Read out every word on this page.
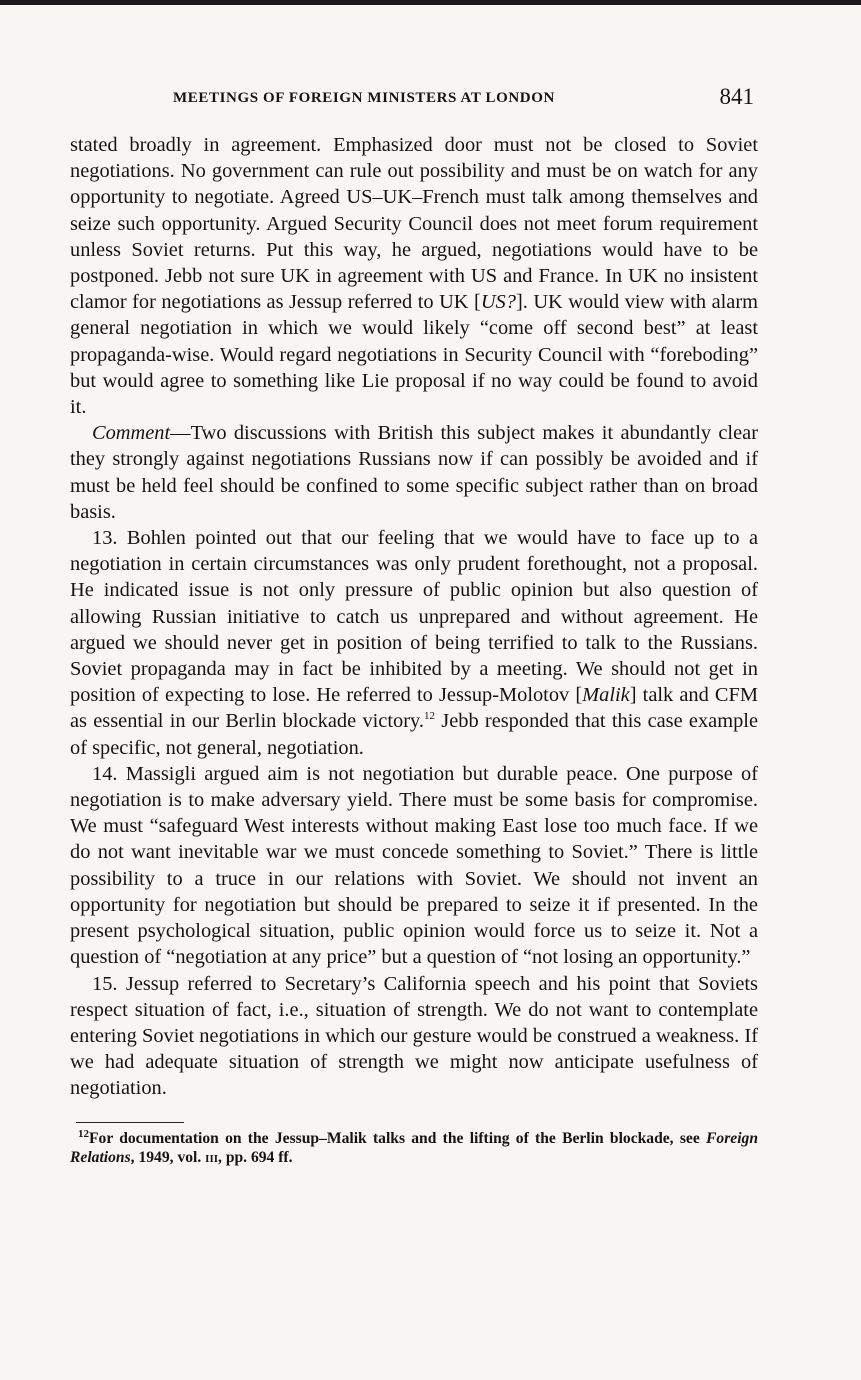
MEETINGS OF FOREIGN MINISTERS AT LONDON	841

stated broadly in agreement. Emphasized door must not be closed to Soviet negotiations. No government can rule out possibility and must be on watch for any opportunity to negotiate. Agreed US–UK–French must talk among themselves and seize such opportunity. Argued Security Council does not meet forum requirement unless Soviet returns. Put this way, he argued, negotiations would have to be postponed. Jebb not sure UK in agreement with US and France. In UK no insistent clamor for negotiations as Jessup referred to UK [US?]. UK would view with alarm general negotiation in which we would likely “come off second best” at least propaganda-wise. Would regard negotiations in Security Council with “foreboding” but would agree to something like Lie proposal if no way could be found to avoid it.

Comment—Two discussions with British this subject makes it abundantly clear they strongly against negotiations Russians now if can possibly be avoided and if must be held feel should be confined to some specific subject rather than on broad basis.

13. Bohlen pointed out that our feeling that we would have to face up to a negotiation in certain circumstances was only prudent forethought, not a proposal. He indicated issue is not only pressure of public opinion but also question of allowing Russian initiative to catch us unprepared and without agreement. He argued we should never get in position of being terrified to talk to the Russians. Soviet propaganda may in fact be inhibited by a meeting. We should not get in position of expecting to lose. He referred to Jessup-Molotov [Malik] talk and CFM as essential in our Berlin blockade victory.$^{12}$ Jebb responded that this case example of specific, not general, negotiation.

14. Massigli argued aim is not negotiation but durable peace. One purpose of negotiation is to make adversary yield. There must be some basis for compromise. We must “safeguard West interests without making East lose too much face. If we do not want inevitable war we must concede something to Soviet.” There is little possibility to a truce in our relations with Soviet. We should not invent an opportunity for negotiation but should be prepared to seize it if presented. In the present psychological situation, public opinion would force us to seize it. Not a question of “negotiation at any price” but a question of “not losing an opportunity.”

15. Jessup referred to Secretary’s California speech and his point that Soviets respect situation of fact, i.e., situation of strength. We do not want to contemplate entering Soviet negotiations in which our gesture would be construed a weakness. If we had adequate situation of strength we might now anticipate usefulness of negotiation.

$^{12}$For documentation on the Jessup–Malik talks and the lifting of the Berlin blockade, see Foreign Relations, 1949, vol. iii, pp. 694 ff.
